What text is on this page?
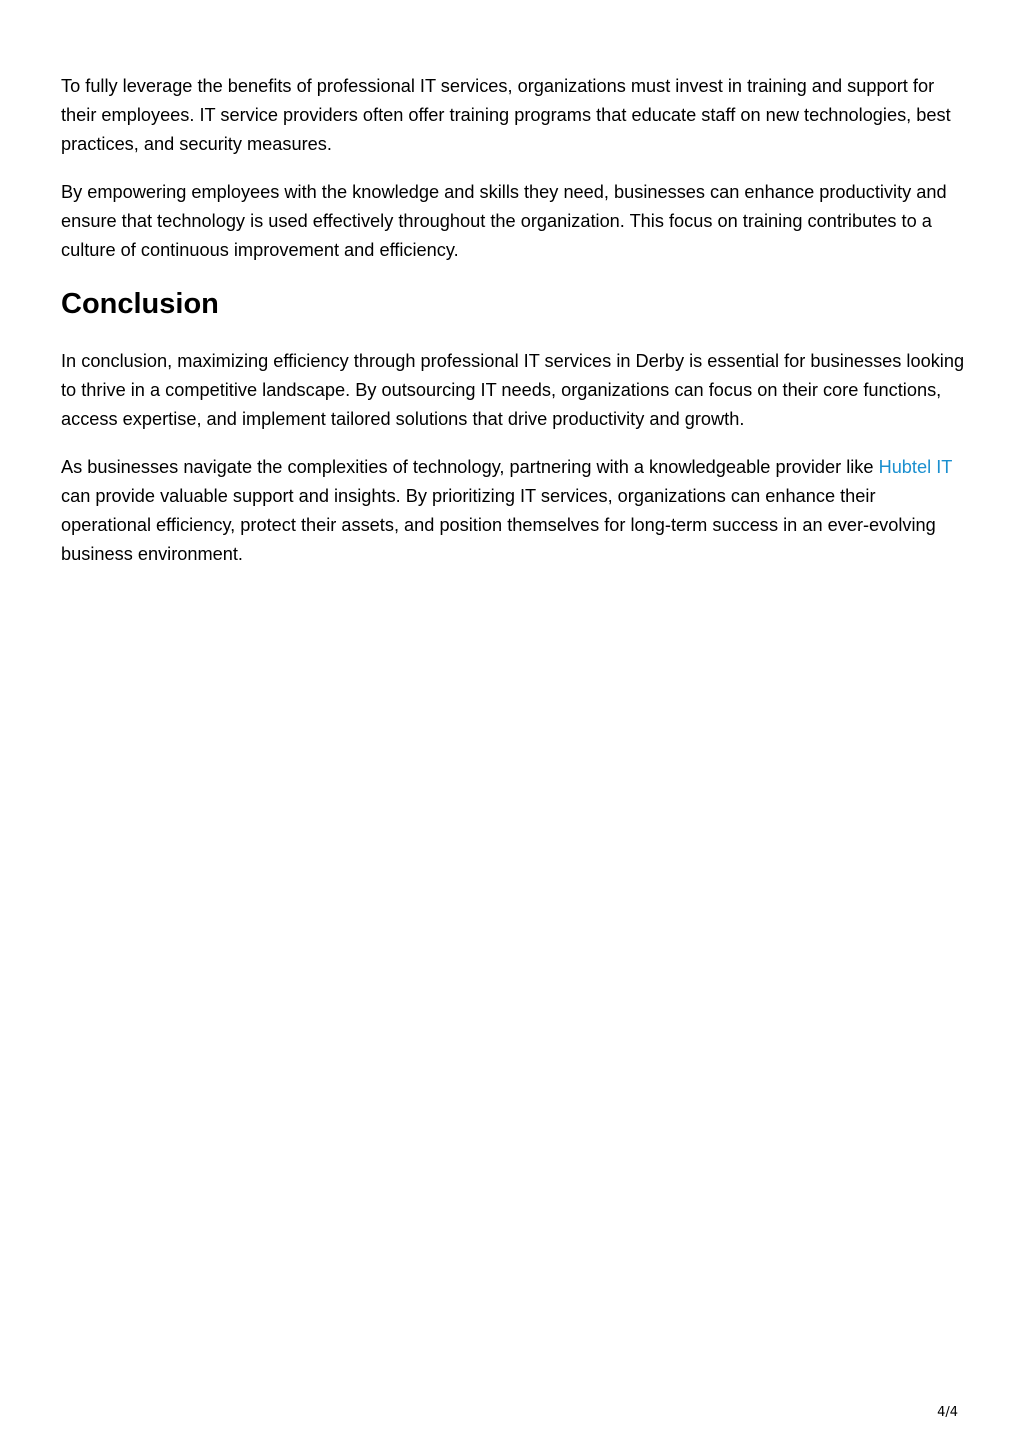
To fully leverage the benefits of professional IT services, organizations must invest in training and support for their employees. IT service providers often offer training programs that educate staff on new technologies, best practices, and security measures.

By empowering employees with the knowledge and skills they need, businesses can enhance productivity and ensure that technology is used effectively throughout the organization. This focus on training contributes to a culture of continuous improvement and efficiency.

Conclusion

In conclusion, maximizing efficiency through professional IT services in Derby is essential for businesses looking to thrive in a competitive landscape. By outsourcing IT needs, organizations can focus on their core functions, access expertise, and implement tailored solutions that drive productivity and growth.

As businesses navigate the complexities of technology, partnering with a knowledgeable provider like Hubtel IT can provide valuable support and insights. By prioritizing IT services, organizations can enhance their operational efficiency, protect their assets, and position themselves for long-term success in an ever-evolving business environment.

4/4
